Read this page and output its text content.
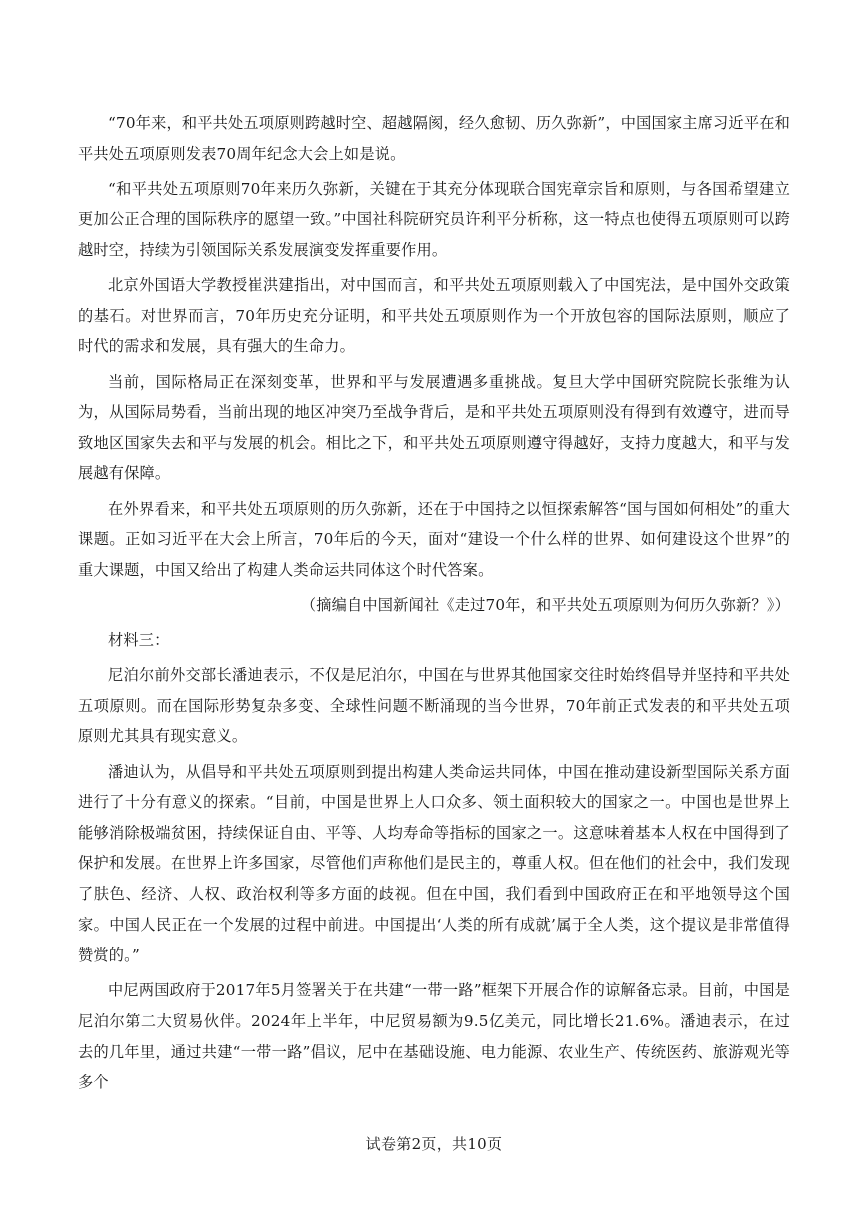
“70年来，和平共处五项原则跨越时空、超越隔阂，经久愈韧、历久弥新”，中国国家主席习近平在和平共处五项原则发表70周年纪念大会上如是说。

“和平共处五项原则70年来历久弥新，关键在于其充分体现联合国宪章宗旨和原则，与各国希望建立更加公正合理的国际秩序的愿望一致。”中国社科院研究员许利平分析称，这一特点也使得五项原则可以跨越时空，持续为引领国际关系发展演变发挥重要作用。

北京外国语大学教授崔洪建指出，对中国而言，和平共处五项原则载入了中国宪法，是中国外交政策的基石。对世界而言，70年历史充分证明，和平共处五项原则作为一个开放包容的国际法原则，顺应了时代的需求和发展，具有强大的生命力。

当前，国际格局正在深刻变革，世界和平与发展遭遇多重挑战。复旦大学中国研究院院长张维为认为，从国际局势看，当前出现的地区冲突乃至战争背后，是和平共处五项原则没有得到有效遵守，进而导致地区国家失去和平与发展的机会。相比之下，和平共处五项原则遵守得越好，支持力度越大，和平与发展越有保障。

在外界看来，和平共处五项原则的历久弥新，还在于中国持之以恒探索解答“国与国如何相处”的重大课题。正如习近平在大会上所言，70年后的今天，面对“建设一个什么样的世界、如何建设这个世界”的重大课题，中国又给出了构建人类命运共同体这个时代答案。

（摘编自中国新闻社《走过70年，和平共处五项原则为何历久弥新？》）

材料三：

尼泊尔前外交部长潘迪表示，不仅是尼泊尔，中国在与世界其他国家交往时始终倡导并坚持和平共处五项原则。而在国际形势复杂多变、全球性问题不断涌现的当今世界，70年前正式发表的和平共处五项原则尤其具有现实意义。

潘迪认为，从倡导和平共处五项原则到提出构建人类命运共同体，中国在推动建设新型国际关系方面进行了十分有意义的探索。“目前，中国是世界上人口众多、领土面积较大的国家之一。中国也是世界上能够消除极端贫困，持续保证自由、平等、人均寿命等指标的国家之一。这意味着基本人权在中国得到了保护和发展。在世界上许多国家，尽管他们声称他们是民主的，尊重人权。但在他们的社会中，我们发现了肤色、经济、人权、政治权利等多方面的歧视。但在中国，我们看到中国政府正在和平地领导这个国家。中国人民正在一个发展的过程中前进。中国提出‘人类的所有成就’属于全人类，这个提议是非常值得赞赏的。”

中尼两国政府于2017年5月签署关于在共建“一带一路”框架下开展合作的谅解备忘录。目前，中国是尼泊尔第二大贸易伙伴。2024年上半年，中尼贸易额为9.5亿美元，同比增长21.6%。潘迪表示，在过去的几年里，通过共建“一带一路”倡议，尼中在基础设施、电力能源、农业生产、传统医药、旅游观光等多个

试卷第2页，共10页
